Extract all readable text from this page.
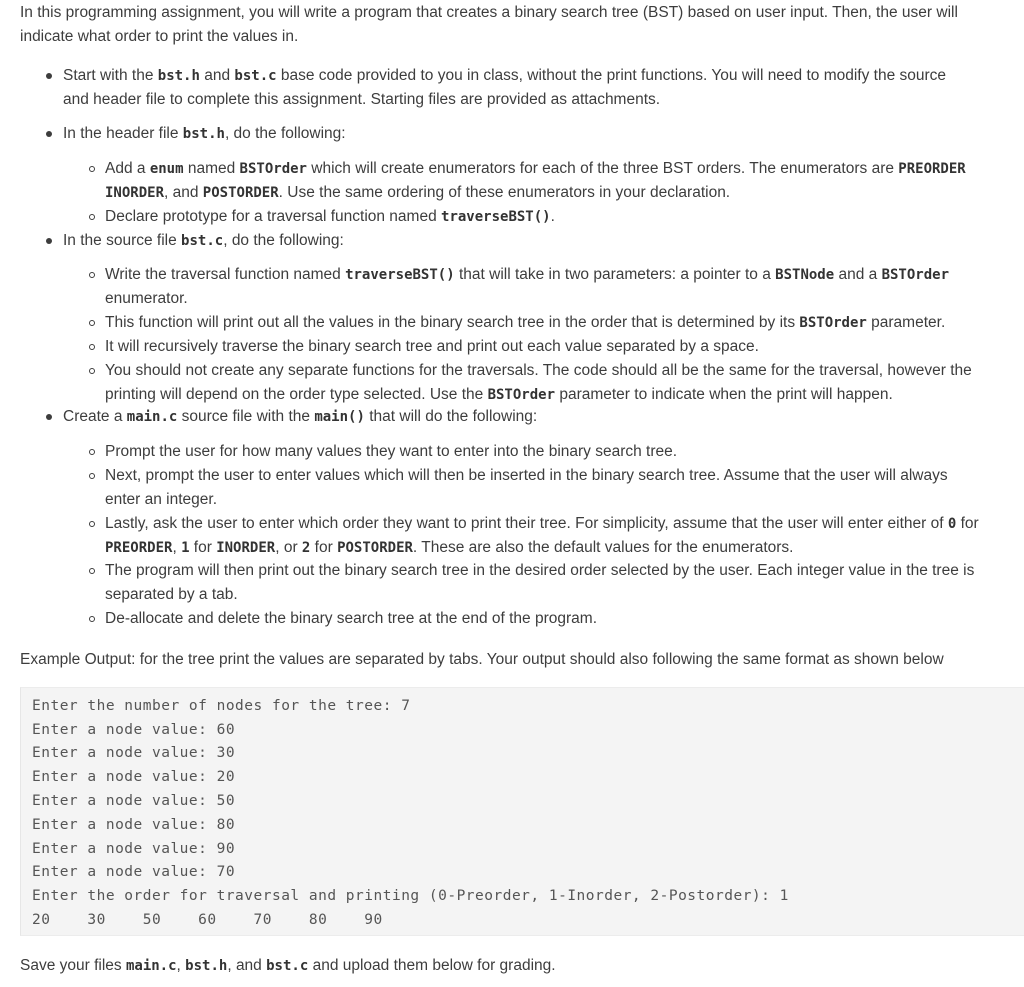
In this programming assignment, you will write a program that creates a binary search tree (BST) based on user input. Then, the user will
indicate what order to print the values in.
Start with the bst.h and bst.c base code provided to you in class, without the print functions. You will need to modify the source
and header file to complete this assignment. Starting files are provided as attachments.
In the header file bst.h, do the following:
Add a enum named BSTOrder which will create enumerators for each of the three BST orders. The enumerators are PREORDER
INORDER, and POSTORDER. Use the same ordering of these enumerators in your declaration.
Declare prototype for a traversal function named traverseBST().
In the source file bst.c, do the following:
Write the traversal function named traverseBST() that will take in two parameters: a pointer to a BSTNode and a BSTOrder
enumerator.
This function will print out all the values in the binary search tree in the order that is determined by its BSTOrder parameter.
It will recursively traverse the binary search tree and print out each value separated by a space.
You should not create any separate functions for the traversals. The code should all be the same for the traversal, however the
printing will depend on the order type selected. Use the BSTOrder parameter to indicate when the print will happen.
Create a main.c source file with the main() that will do the following:
Prompt the user for how many values they want to enter into the binary search tree.
Next, prompt the user to enter values which will then be inserted in the binary search tree. Assume that the user will always
enter an integer.
Lastly, ask the user to enter which order they want to print their tree. For simplicity, assume that the user will enter either of 0 for
PREORDER, 1 for INORDER, or 2 for POSTORDER. These are also the default values for the enumerators.
The program will then print out the binary search tree in the desired order selected by the user. Each integer value in the tree is
separated by a tab.
De-allocate and delete the binary search tree at the end of the program.
Example Output: for the tree print the values are separated by tabs. Your output should also following the same format as shown below
Enter the number of nodes for the tree: 7
Enter a node value: 60
Enter a node value: 30
Enter a node value: 20
Enter a node value: 50
Enter a node value: 80
Enter a node value: 90
Enter a node value: 70
Enter the order for traversal and printing (0-Preorder, 1-Inorder, 2-Postorder): 1
20	30	50	60	70	80	90
Save your files main.c, bst.h, and bst.c and upload them below for grading.
